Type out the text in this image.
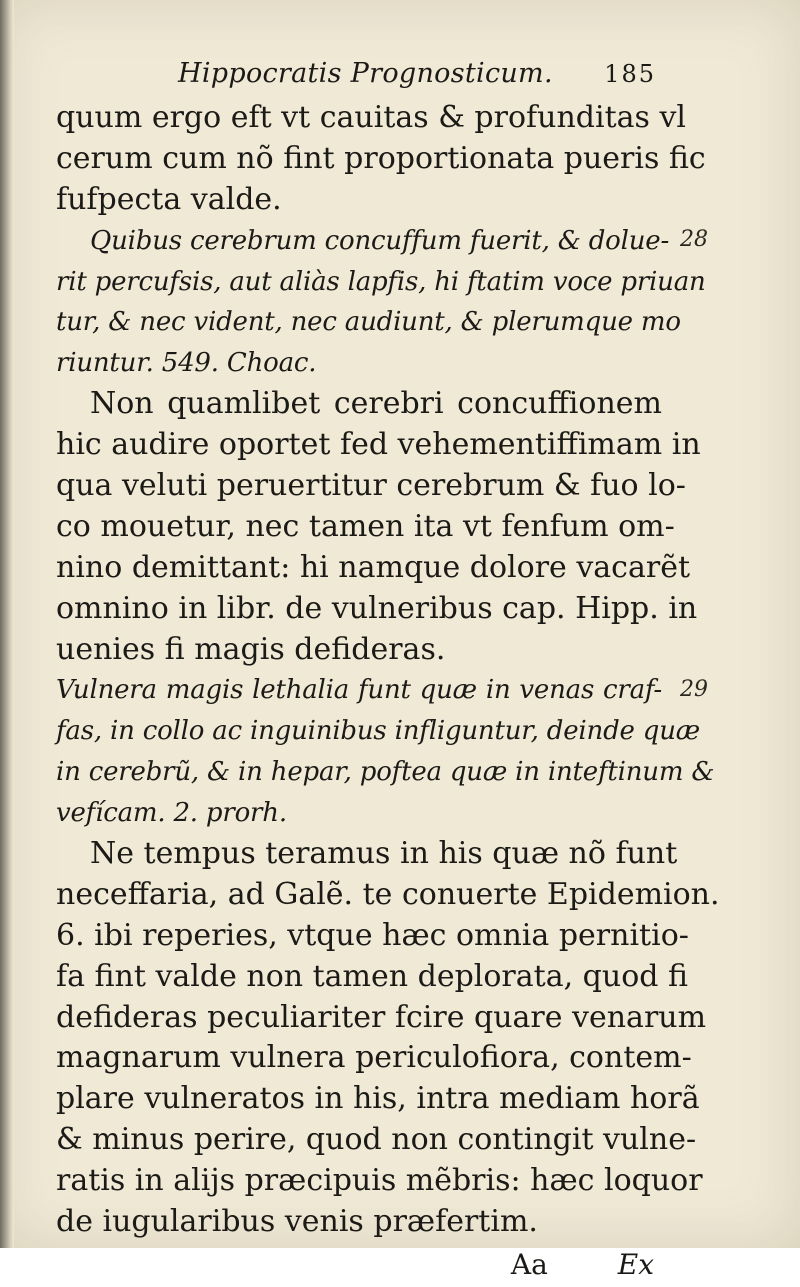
Hippocratis Prognosticum. 185
quum ergo eft vt cauitas & profunditas vl
cerum cum nõ fint proportionata pueris fic
fufpecta valde.
Quibus cerebrum concuffum fuerit, & dolue-
rit percufsis, aut aliàs lapfis, hi ftatim voce priuan
tur, & nec vident, nec audiunt, & plerumque mo
riuntur. 549. Choac.
Non quamlibet cerebri concuffionem
hic audire oportet fed vehementiffimam in
qua veluti peruertitur cerebrum & fuo lo-
co mouetur, nec tamen ita vt fenfum om-
nino demittant: hi namque dolore vacarẽt
omnino in libr. de vulneribus cap. Hipp. in
uenies fi magis defideras.
Vulnera magis lethalia funt quæ in venas craf-
fas, in collo ac inguinibus infliguntur, deinde quæ
in cerebrũ, & in hepar, poftea quæ in inteftinum &
vefícam. 2. prorh.
Ne tempus teramus in his quæ nõ funt
neceffaria, ad Galẽ. te conuerte Epidemion.
6. ibi reperies, vtque hæc omnia pernitio-
fa fint valde non tamen deplorata, quod fi
defideras peculiariter fcire quare venarum
magnarum vulnera periculofiora, contem-
plare vulneratos in his, intra mediam horã
& minus perire, quod non contingit vulne-
ratis in alijs præcipuis mẽbris: hæc loquor
de iugularibus venis præfertim.
Aa	Ex
28
29
